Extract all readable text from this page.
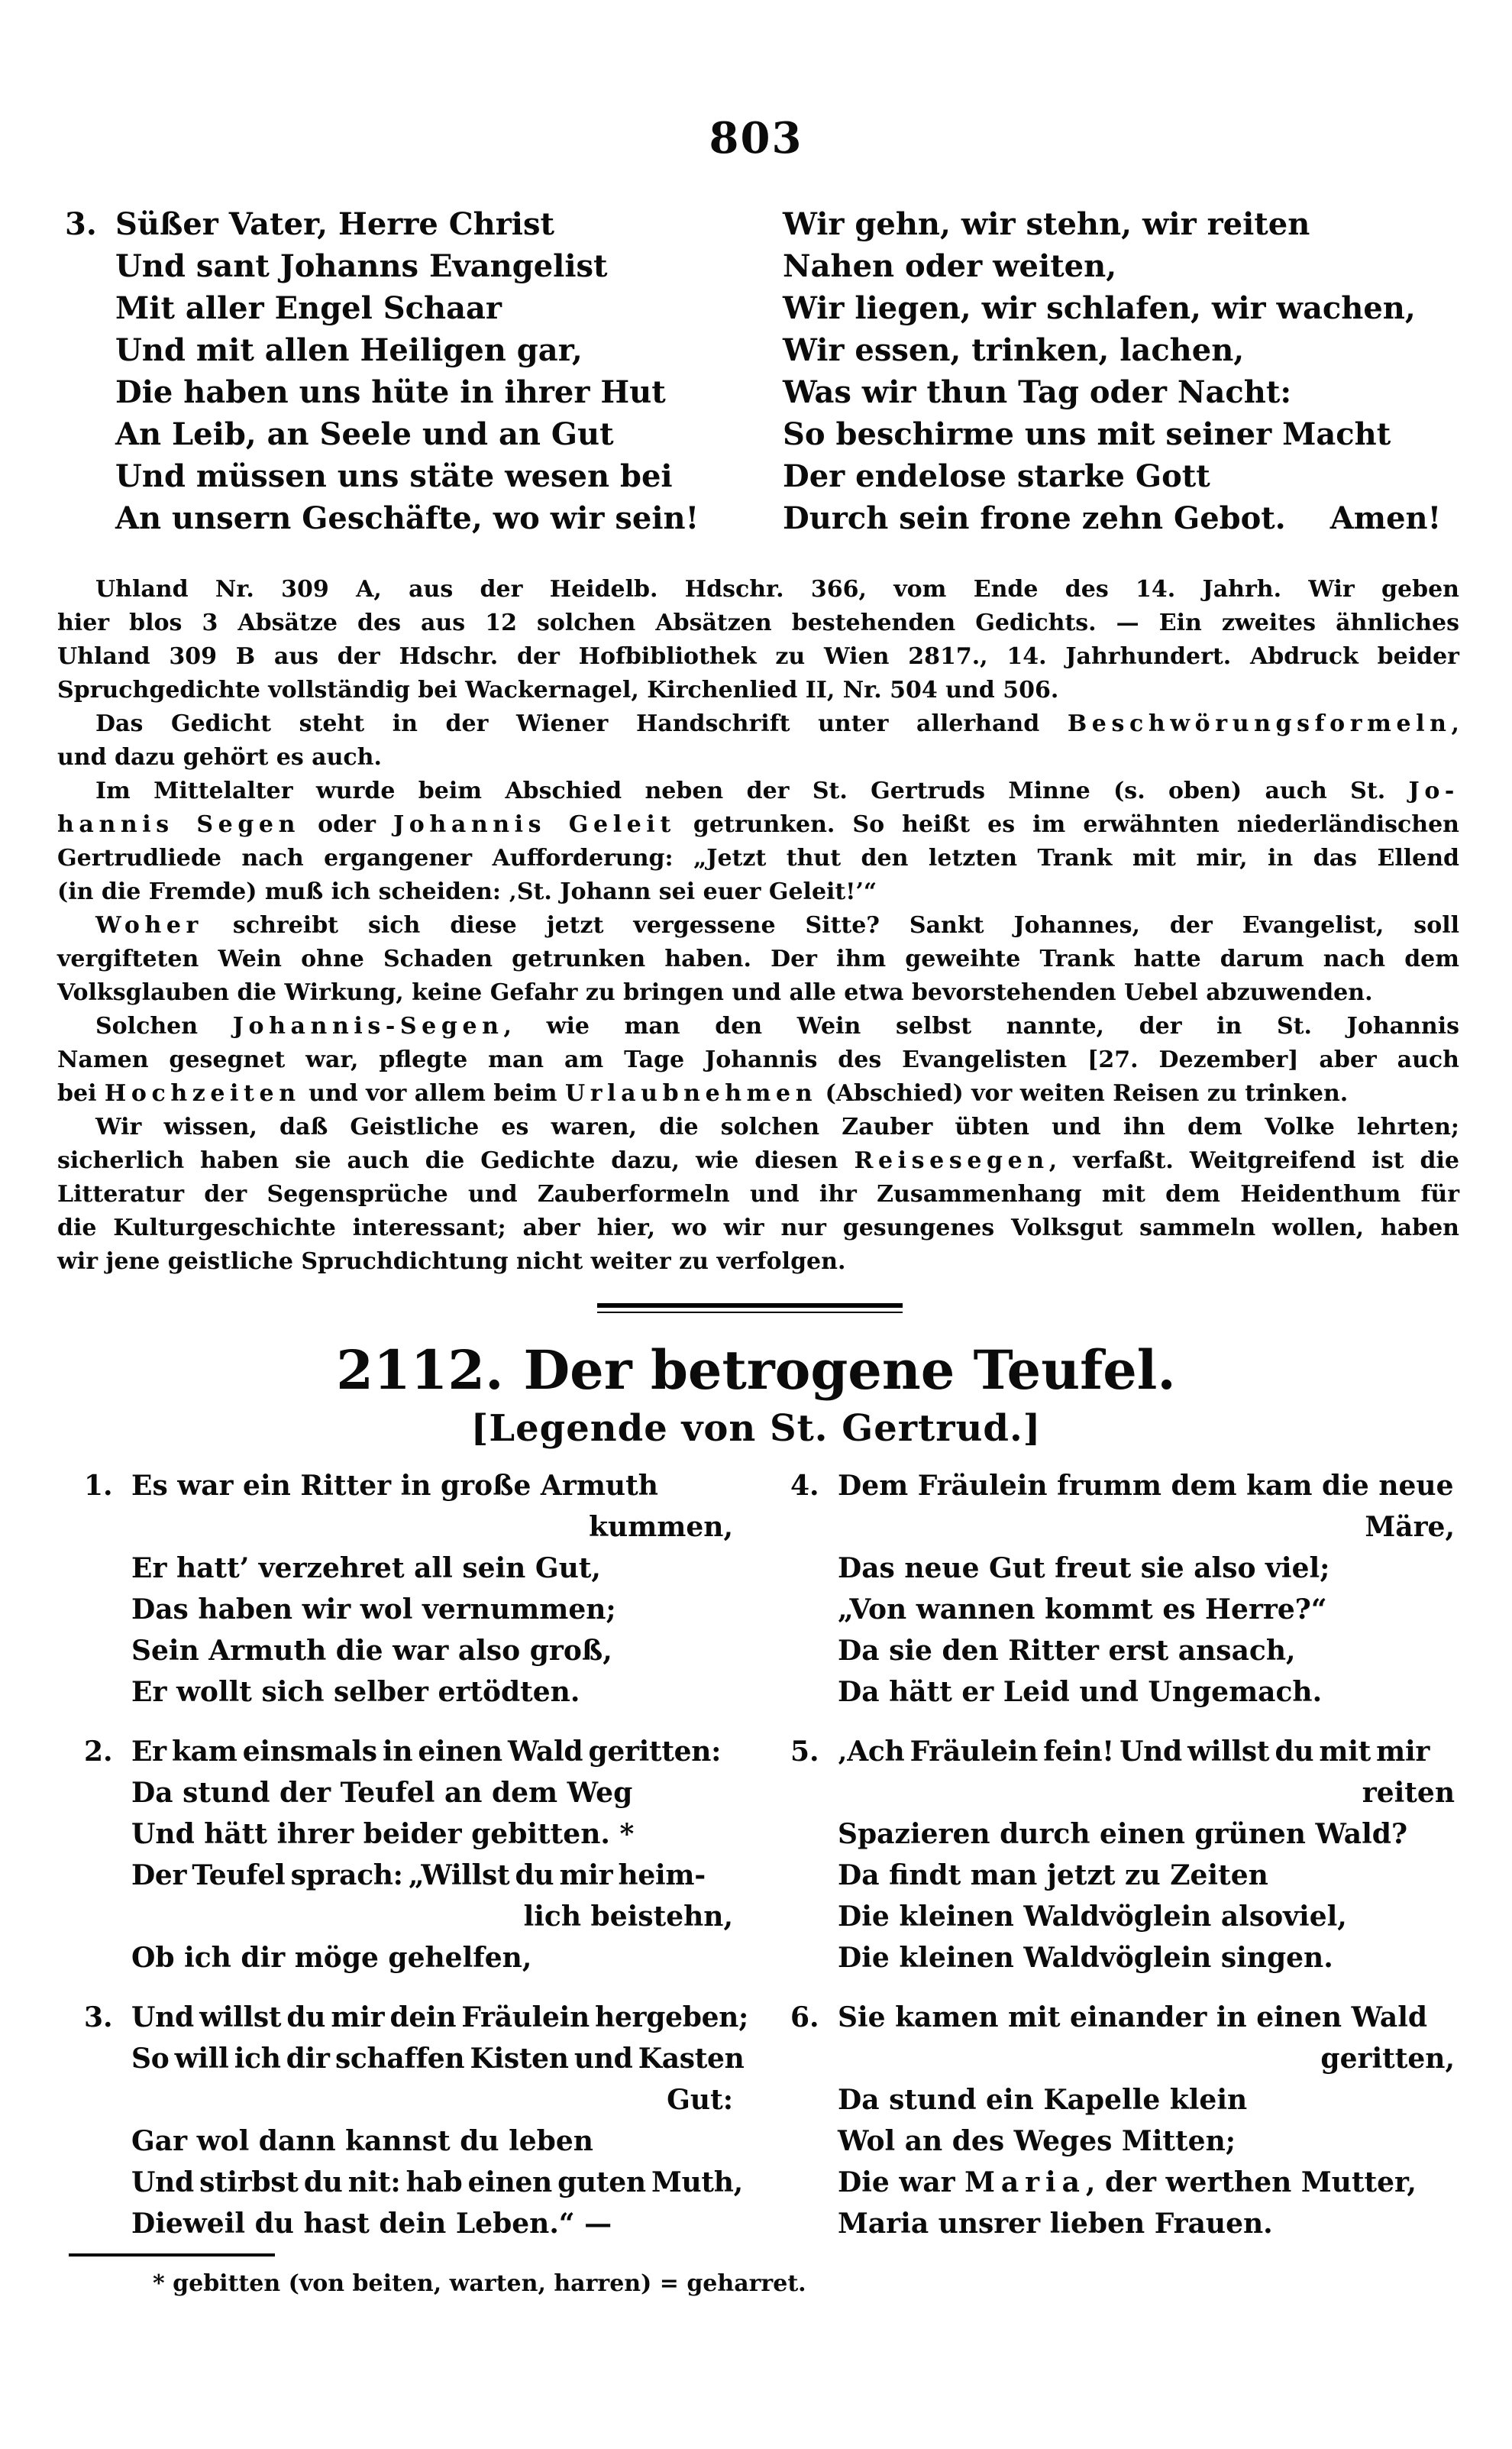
803
3. Süßer Vater, Herre Christ
Und sant Johanns Evangelist
Mit aller Engel Schaar
Und mit allen Heiligen gar,
Die haben uns hüte in ihrer Hut
An Leib, an Seele und an Gut
Und müssen uns stäte wesen bei
An unsern Geschäfte, wo wir sein!
Wir gehn, wir stehn, wir reiten
Nahen oder weiten,
Wir liegen, wir schlafen, wir wachen,
Wir essen, trinken, lachen,
Was wir thun Tag oder Nacht:
So beschirme uns mit seiner Macht
Der endelose starke Gott
Durch sein frone zehn Gebot. Amen!
Uhland Nr. 309 A, aus der Heidelb. Hdschr. 366, vom Ende des 14. Jahrh. Wir geben
hier blos 3 Absätze des aus 12 solchen Absätzen bestehenden Gedichts. — Ein zweites ähnliches
Uhland 309 B aus der Hdschr. der Hofbibliothek zu Wien 2817., 14. Jahrhundert. Abdruck beider
Spruchgedichte vollständig bei Wackernagel, Kirchenlied II, Nr. 504 und 506.
Das Gedicht steht in der Wiener Handschrift unter allerhand Beschwörungsformeln,
und dazu gehört es auch.
Im Mittelalter wurde beim Abschied neben der St. Gertruds Minne (s. oben) auch St. Jo-
hannis Segen oder Johannis Geleit getrunken. So heißt es im erwähnten niederländischen
Gertrudliede nach ergangener Aufforderung: „Jetzt thut den letzten Trank mit mir, in das Ellend
(in die Fremde) muß ich scheiden: ‚St. Johann sei euer Geleit!’“
Woher schreibt sich diese jetzt vergessene Sitte? Sankt Johannes, der Evangelist, soll
vergifteten Wein ohne Schaden getrunken haben. Der ihm geweihte Trank hatte darum nach dem
Volksglauben die Wirkung, keine Gefahr zu bringen und alle etwa bevorstehenden Uebel abzuwenden.
Solchen Johannis-Segen, wie man den Wein selbst nannte, der in St. Johannis
Namen gesegnet war, pflegte man am Tage Johannis des Evangelisten [27. Dezember] aber auch
bei Hochzeiten und vor allem beim Urlaubnehmen (Abschied) vor weiten Reisen zu trinken.
Wir wissen, daß Geistliche es waren, die solchen Zauber übten und ihn dem Volke lehrten;
sicherlich haben sie auch die Gedichte dazu, wie diesen Reisesegen, verfaßt. Weitgreifend ist die
Litteratur der Segensprüche und Zauberformeln und ihr Zusammenhang mit dem Heidenthum für
die Kulturgeschichte interessant; aber hier, wo wir nur gesungenes Volksgut sammeln wollen, haben
wir jene geistliche Spruchdichtung nicht weiter zu verfolgen.
2112. Der betrogene Teufel.
[Legende von St. Gertrud.]
1. Es war ein Ritter in große Armuth
kummen,
Er hatt’ verzehret all sein Gut,
Das haben wir wol vernummen;
Sein Armuth die war also groß,
Er wollt sich selber ertödten.
2. Er kam einsmals in einen Wald geritten:
Da stund der Teufel an dem Weg
Und hätt ihrer beider gebitten. *
Der Teufel sprach: „Willst du mir heim-
lich beistehn,
Ob ich dir möge gehelfen,
3. Und willst du mir dein Fräulein hergeben;
So will ich dir schaffen Kisten und Kasten
Gut:
Gar wol dann kannst du leben
Und stirbst du nit: hab einen guten Muth,
Dieweil du hast dein Leben.“ —
4. Dem Fräulein frumm dem kam die neue
Märe,
Das neue Gut freut sie also viel;
„Von wannen kommt es Herre?“
Da sie den Ritter erst ansach,
Da hätt er Leid und Ungemach.
5. ‚Ach Fräulein fein! Und willst du mit mir
reiten
Spazieren durch einen grünen Wald?
Da findt man jetzt zu Zeiten
Die kleinen Waldvöglein alsoviel,
Die kleinen Waldvöglein singen.
6. Sie kamen mit einander in einen Wald
geritten,
Da stund ein Kapelle klein
Wol an des Weges Mitten;
Die war Maria, der werthen Mutter,
Maria unsrer lieben Frauen.
* gebitten (von beiten, warten, harren) = geharret.
